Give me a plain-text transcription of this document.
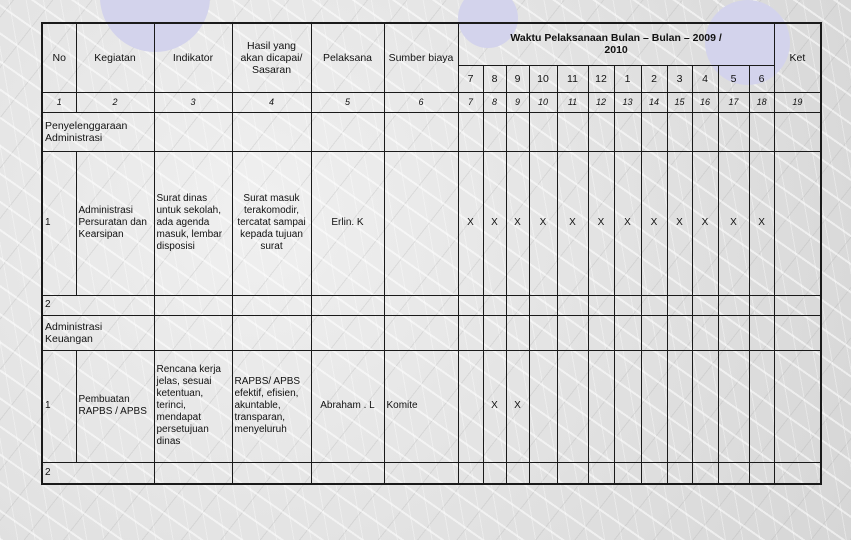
No	Kegiatan	Indikator	Hasil yang akan dicapai/ Sasaran	Pelaksana	Sumber biaya	Waktu Pelaksanaan Bulan – Bulan – 2009 / 2010												Ket
						7	8	9	10	11	12	1	2	3	4	5	6	
1	2	3	4	5	6	7	8	9	10	11	12	13	14	15	16	17	18	19
Penyelenggaraan Administrasi																		
1	Administrasi Persuratan dan Kearsipan	Surat dinas untuk sekolah, ada agenda masuk, lembar disposisi	Surat masuk terakomodir, tercatat sampai kepada tujuan surat	Erlin. K		X	X	X	X	X	X	X	X	X	X	X	X	
2																		
Administrasi Keuangan																		
1	Pembuatan RAPBS / APBS	Rencana kerja jelas, sesuai ketentuan, terinci, mendapat persetujuan dinas	RAPBS/ APBS efektif, efisien, akuntable, transparan, menyeluruh	Abraham . L	Komite		X	X										
2																		
